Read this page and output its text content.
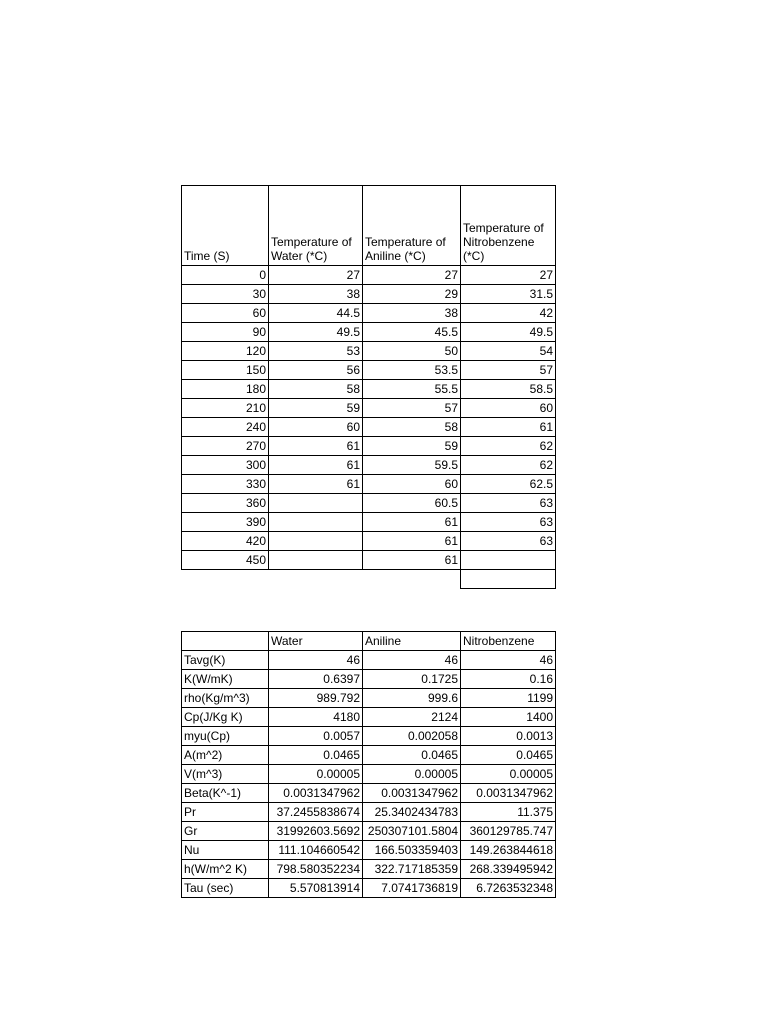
Time (S)	Temperature of Water (*C)	Temperature of Aniline (*C)	Temperature of Nitrobenzene (*C)
0	27	27	27
30	38	29	31.5
60	44.5	38	42
90	49.5	45.5	49.5
120	53	50	54
150	56	53.5	57
180	58	55.5	58.5
210	59	57	60
240	60	58	61
270	61	59	62
300	61	59.5	62
330	61	60	62.5
360		60.5	63
390		61	63
420		61	63
450		61	

	Water	Aniline	Nitrobenzene
Tavg(K)	46	46	46
K(W/mK)	0.6397	0.1725	0.16
rho(Kg/m^3)	989.792	999.6	1199
Cp(J/Kg K)	4180	2124	1400
myu(Cp)	0.0057	0.002058	0.0013
A(m^2)	0.0465	0.0465	0.0465
V(m^3)	0.00005	0.00005	0.00005
Beta(K^-1)	0.0031347962	0.0031347962	0.0031347962
Pr	37.2455838674	25.3402434783	11.375
Gr	31992603.5692	250307101.5804	360129785.747
Nu	111.104660542	166.503359403	149.263844618
h(W/m^2 K)	798.580352234	322.717185359	268.339495942
Tau (sec)	5.570813914	7.0741736819	6.7263532348
